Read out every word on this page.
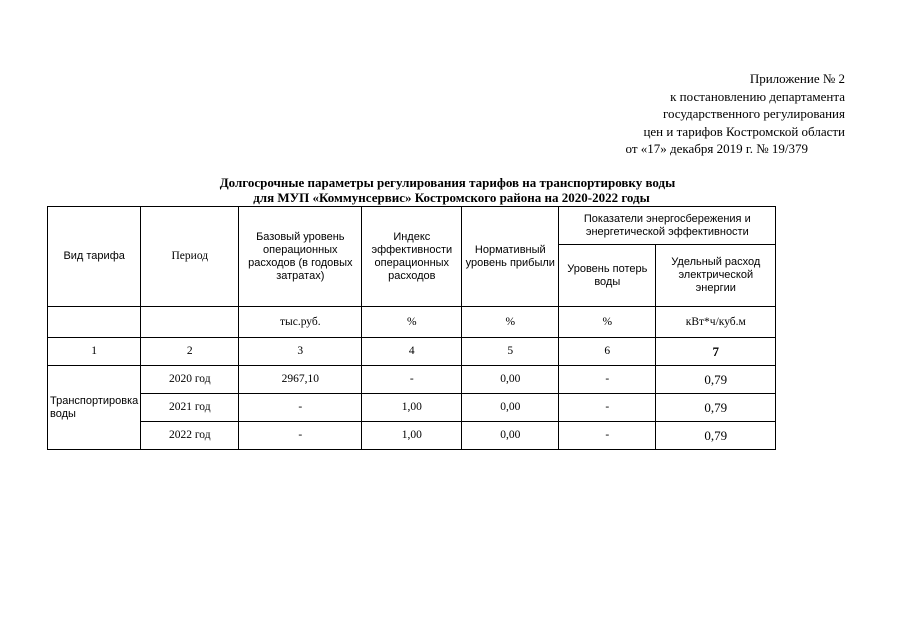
Приложение № 2
к постановлению департамента
государственного регулирования
цен и тарифов Костромской области
от «17» декабря 2019 г. № 19/379
Долгосрочные параметры регулирования тарифов на транспортировку воды
для МУП «Коммунсервис» Костромского района на 2020-2022 годы
Вид тарифа	Период	Базовый уровень операционных расходов (в годовых затратах)	Индекс эффективности операционных расходов	Нормативный уровень прибыли	Показатели энергосбережения и энергетической эффективности	
					Уровень потерь воды	Удельный расход электрической энергии
		тыс.руб.	%	%	%	кВт*ч/куб.м
1	2	3	4	5	6	7
Транспортировка воды	2020 год	2967,10	-	0,00	-	0,79
	2021 год	-	1,00	0,00	-	0,79
	2022 год	-	1,00	0,00	-	0,79
